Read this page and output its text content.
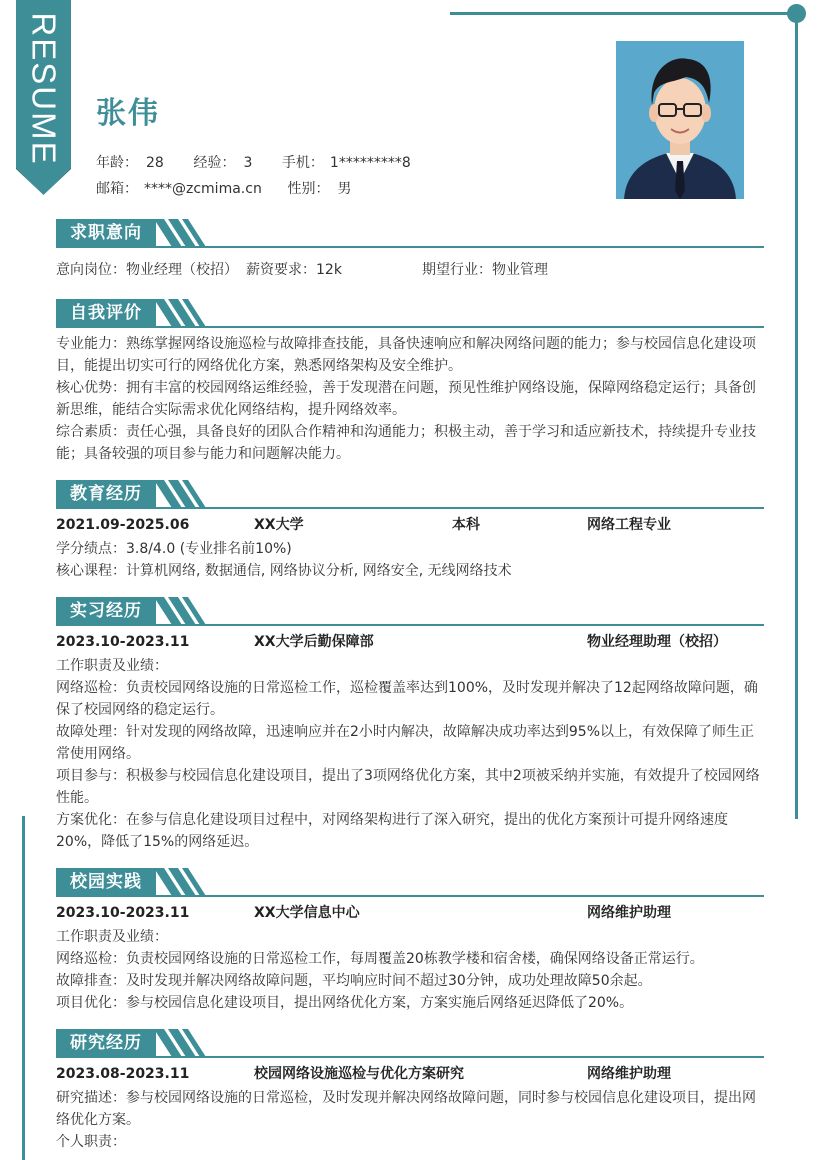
RESUME 张伟
年龄： 28 经验： 3 手机： 1*********8
邮箱： ****@zcmima.cn 性别： 男
求职意向
意向岗位：物业经理（校招） 薪资要求：12k	期望行业：物业管理
自我评价

专业能力：熟练掌握网络设施巡检与故障排查技能，具备快速响应和解决网络问题的能力；参与校园信息化建设项目，能提出切实可行的网络优化方案，熟悉网络架构及安全维护。

核心优势：拥有丰富的校园网络运维经验，善于发现潜在问题，预见性维护网络设施，保障网络稳定运行；具备创新思维，能结合实际需求优化网络结构，提升网络效率。

综合素质：责任心强，具备良好的团队合作精神和沟通能力；积极主动，善于学习和适应新技术，持续提升专业技能；具备较强的项目参与能力和问题解决能力。

教育经历
2021.09-2025.06	XX大学	本科	网络工程专业

学分绩点：3.8/4.0 (专业排名前10%)

核心课程：计算机网络, 数据通信, 网络协议分析, 网络安全, 无线网络技术

实习经历
2023.10-2023.11	XX大学后勤保障部	物业经理助理（校招）

工作职责及业绩：

网络巡检：负责校园网络设施的日常巡检工作，巡检覆盖率达到100%，及时发现并解决了12起网络故障问题，确保了校园网络的稳定运行。

故障处理：针对发现的网络故障，迅速响应并在2小时内解决，故障解决成功率达到95%以上，有效保障了师生正常使用网络。

项目参与：积极参与校园信息化建设项目，提出了3项网络优化方案，其中2项被采纳并实施，有效提升了校园网络性能。

方案优化：在参与信息化建设项目过程中，对网络架构进行了深入研究，提出的优化方案预计可提升网络速度20%，降低了15%的网络延迟。

校园实践
2023.10-2023.11	XX大学信息中心	网络维护助理

工作职责及业绩：

网络巡检：负责校园网络设施的日常巡检工作，每周覆盖20栋教学楼和宿舍楼，确保网络设备正常运行。

故障排查：及时发现并解决网络故障问题，平均响应时间不超过30分钟，成功处理故障50余起。

项目优化：参与校园信息化建设项目，提出网络优化方案，方案实施后网络延迟降低了20%。

研究经历
2023.08-2023.11	校园网络设施巡检与优化方案研究	网络维护助理

研究描述：参与校园网络设施的日常巡检，及时发现并解决网络故障问题，同时参与校园信息化建设项目，提出网络优化方案。

个人职责：
